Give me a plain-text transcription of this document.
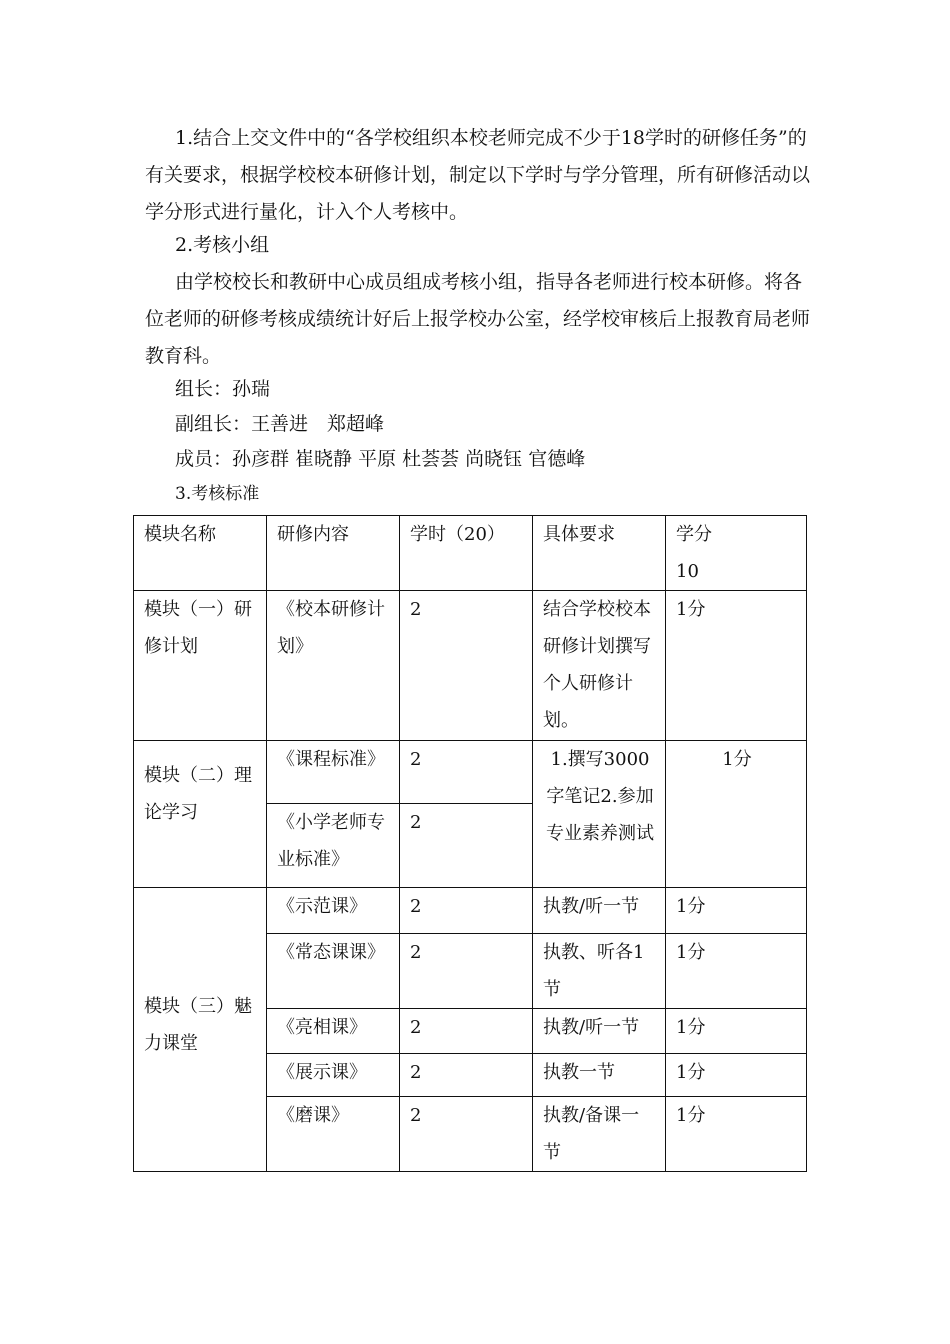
1.结合上交文件中的“各学校组织本校老师完成不少于18学时的研修任务”的有关要求，根据学校校本研修计划，制定以下学时与学分管理，所有研修活动以学分形式进行量化，计入个人考核中。

2.考核小组

由学校校长和教研中心成员组成考核小组，指导各老师进行校本研修。将各位老师的研修考核成绩统计好后上报学校办公室，经学校审核后上报教育局老师教育科。

组长：孙瑞
副组长：王善进　郑超峰
成员：孙彦群 崔晓静 平原 杜荟荟 尚晓钰 官德峰
3.考核标准
模块名称	研修内容	学时（20）	具体要求	学分
10

模块（一）研修计划	《校本研修计划》	2	结合学校校本研修计划撰写个人研修计划。	1分

模块（二）理论学习	《课程标准》	2	1.撰写3000字笔记2.参加专业素养测试	1分
	《小学老师专业标准》	2		

模块（三）魅力课堂	《示范课》	2	执教/听一节	1分
	《常态课课》	2	执教、听各1节	1分
	《亮相课》	2	执教/听一节	1分
	《展示课》	2	执教一节	1分
	《磨课》	2	执教/备课一节	1分
